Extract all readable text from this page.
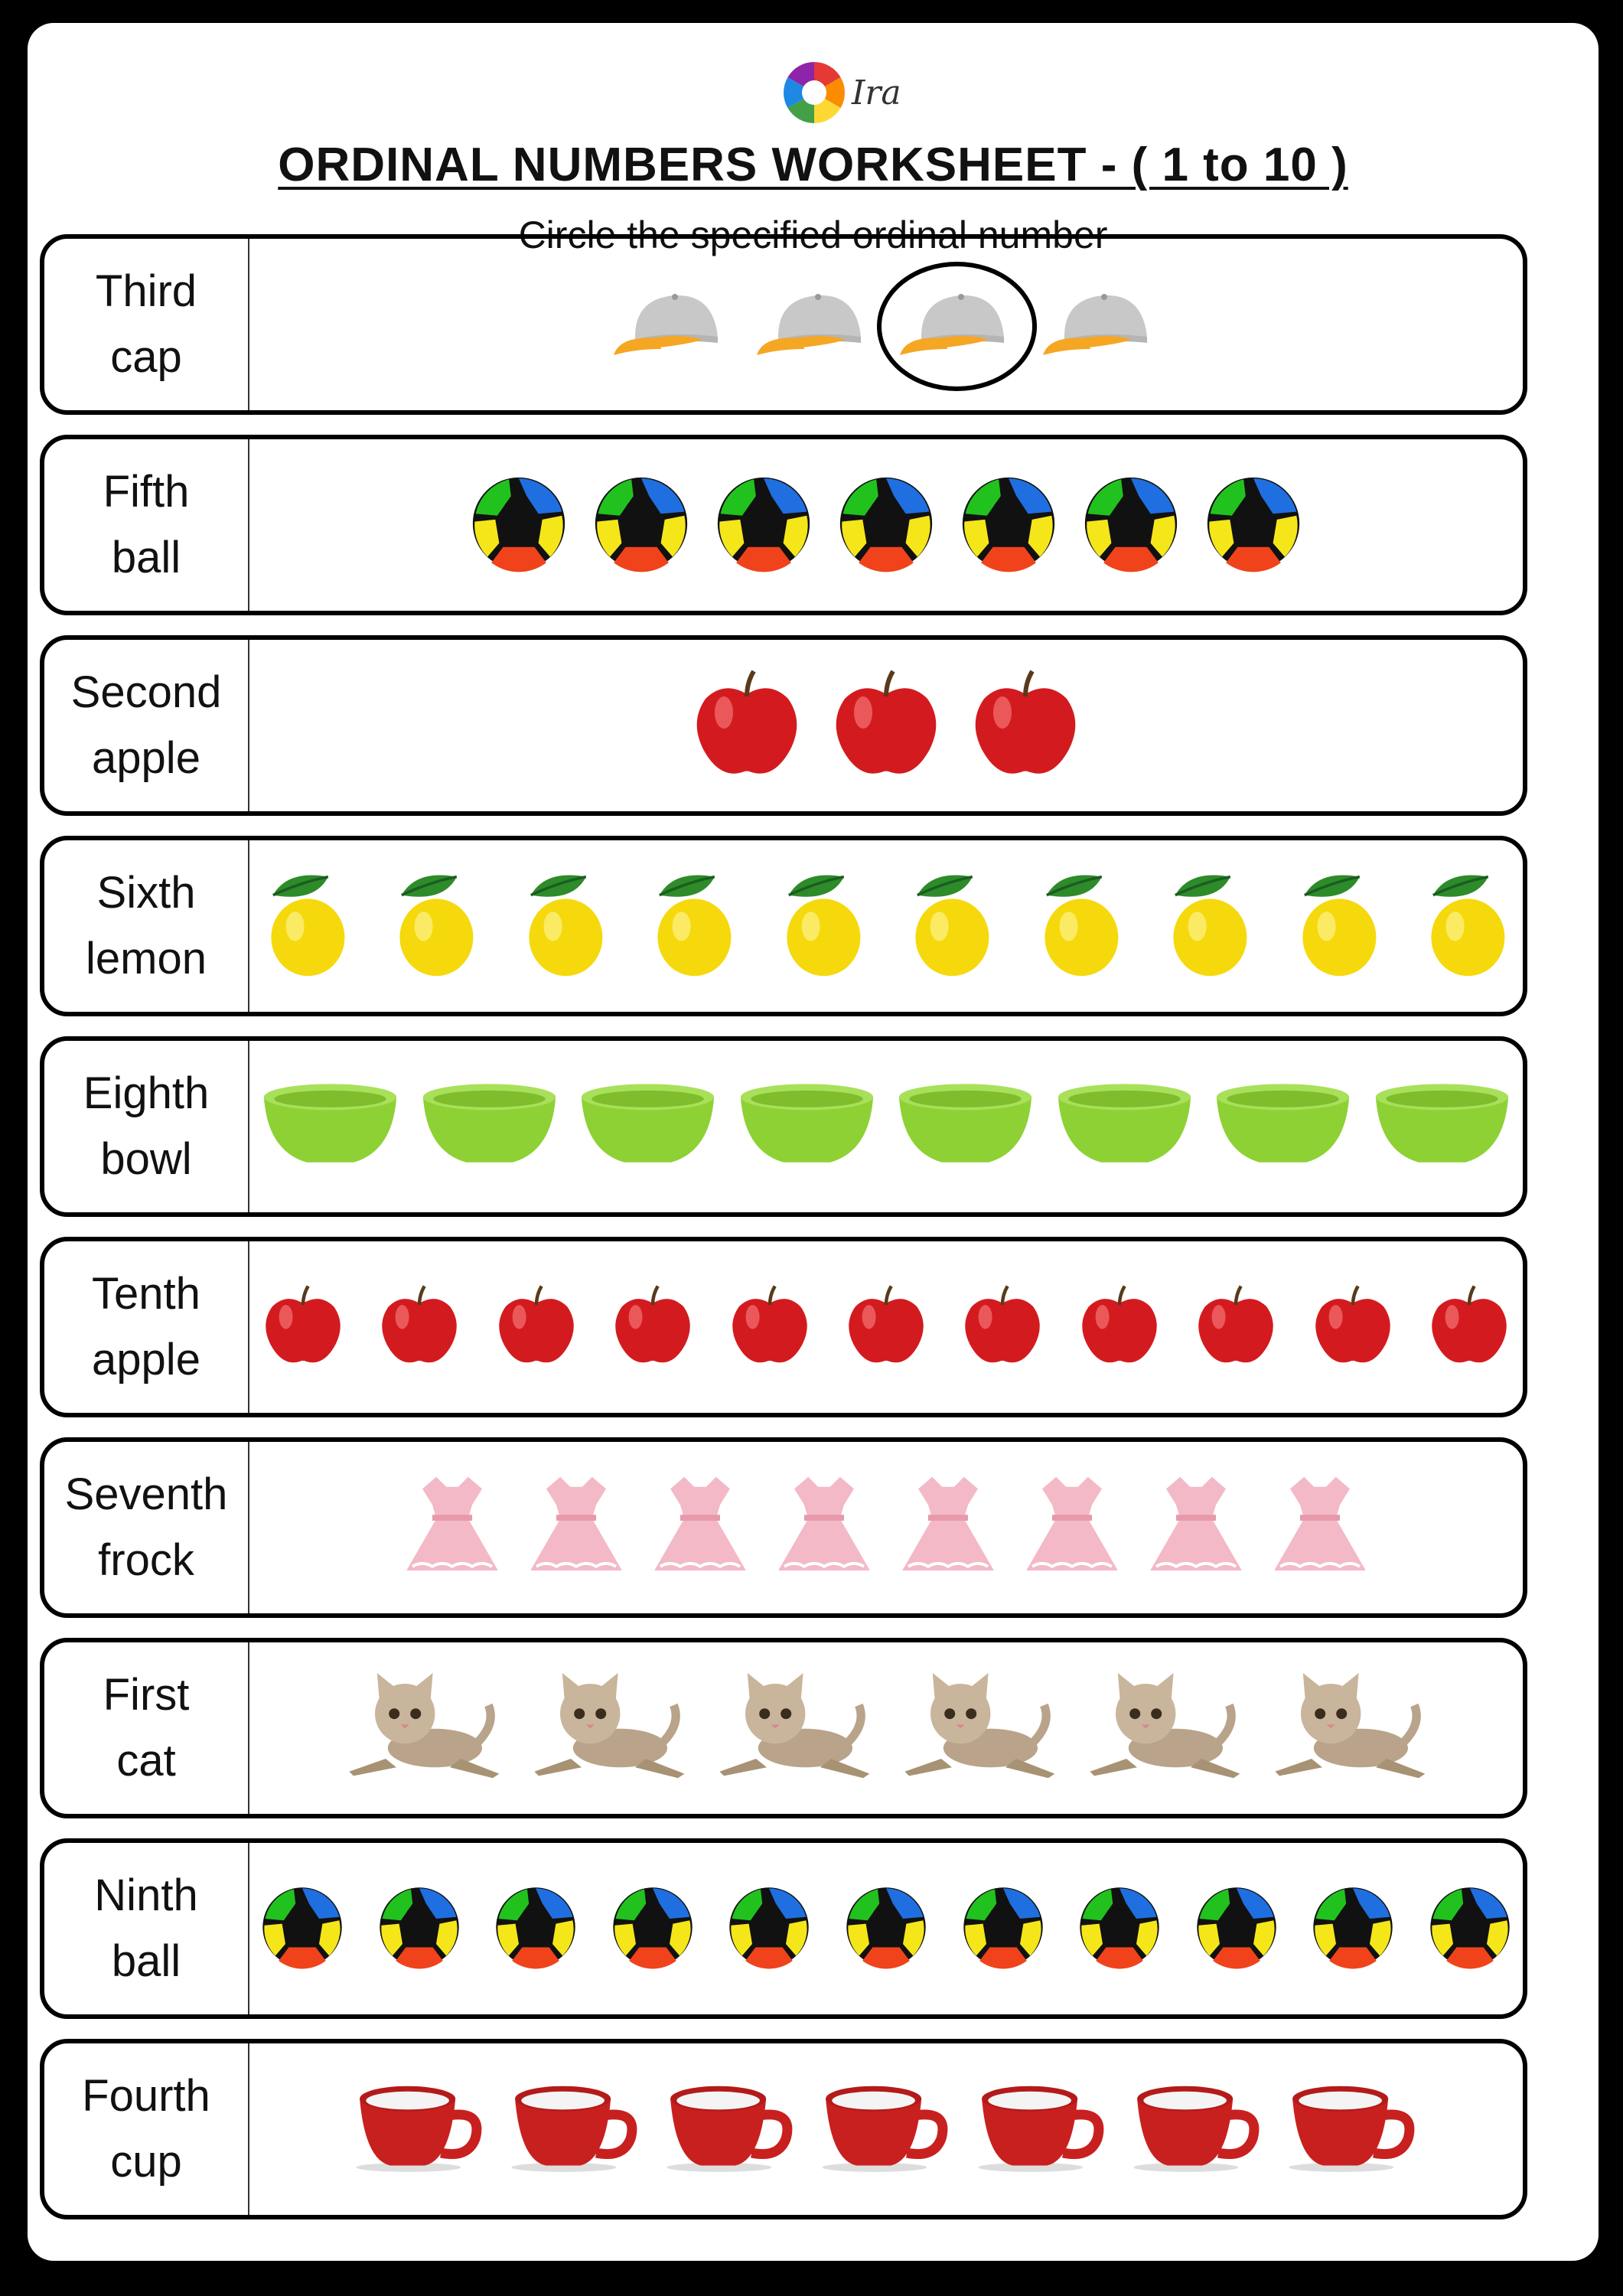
Ira
ORDINAL NUMBERS WORKSHEET - ( 1 to 10 )
Circle the specified ordinal number
Third
cap
Fifth
ball
Second
apple
Sixth
lemon
Eighth
bowl
Tenth
apple
Seventh
frock
First
cat
Ninth
ball
Fourth
cup
